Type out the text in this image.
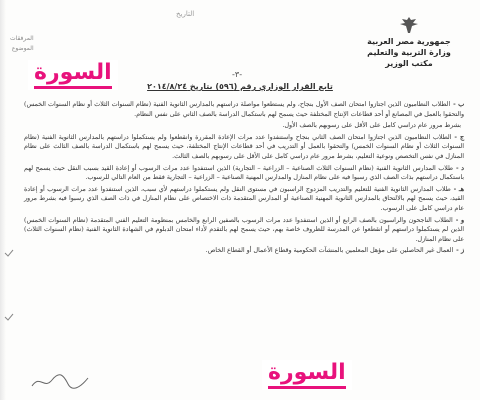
جمهورية مصر العربية
وزارة التربية والتعليم
مكتب الوزير
التاريخ
المرفقات
الموضوع
السورة	-٣-
تابع القرار الوزاري رقم (٥٩٦) بتاريخ ٢٠١٤/٨/٢٤
ب -الطلاب النظاميون الذين اجتازوا امتحان الصف الأول بنجاح، ولم يستطعوا مواصلة دراستهم بالمدارس الثانوية الفنية (نظام السنوات الثلاث أو نظام السنوات الخمس) والتحقوا بالعمل في المصانع أو أحد قطاعات الإنتاج المختلفة حيث يسمح لهم باستكمال الدراسة بالصف الثاني على نفس النظام.
بشرط مرور عام دراسي كامل على الأقل على رسوبهم بالصف الأول.
ج -الطلاب النظاميون الذين اجتازوا امتحان الصف الثاني بنجاح واستنفدوا عدد مرات الإعادة المقررة وانقطعوا ولم يستكملوا دراستهم بالمدارس الثانوية الفنية (نظام السنوات الثلاث أو نظام السنوات الخمس) والتحقوا بالعمل أو التدريب في أحد قطاعات الإنتاج المختلفة، حيث يسمح لهم باستكمال الدراسة بالصف الثالث على نظام المنازل في نفس التخصص ونوعية التعليم، بشرط مرور عام دراسي كامل على الأقل على رسوبهم بالصف الثالث.
د -طلاب المدارس الثانوية الفنية (نظام السنوات الثلاث الصناعية – الزراعية – التجارية) الذين استنفدوا عدد مرات الرسوب أو إعادة القيد بسبب النقل حيث يسمح لهم باستكمال دراستهم بذات الصف الذي رسبوا فيه على نظام المنازل والمدارس المهنية الصناعية – الزراعية – التجارية فقط من العام التالي للرسوب.
هـ -طلاب المدارس الثانوية الفنية للتعليم والتدريب المزدوج الراسبون في مستوى النقل ولم يستكملوا دراستهم لأي سبب، الذين استنفدوا عدد مرات الرسوب أو إعادة القيد، حيث يسمح لهم بالالتحاق بالمدارس الثانوية المهنية الصناعية أو المدارس المتقدمة ذات الاختصاص على نظام المنازل في ذات الصف الذي رسبوا فيه بشرط مرور عام دراسي كامل على الرسوب.
و -الطلاب الناجحون والراسبون بالصف الرابع أو الذين استنفدوا عدد مرات الرسوب بالصفين الرابع والخامس بمنظومة التعليم الفني المتقدمة (نظام السنوات الخمس) الذين لم يستكملوا دراستهم أو انقطعوا عن المدرسة للظروف خاصة بهم، حيث يسمح لهم بالتقدم لأداء امتحان الدبلوم في الشهادة الثانوية الفنية (نظام السنوات الثلاث) على نظام المنازل.
ز -العمال غير الحاصلين على مؤهل المعلمين بالمنشآت الحكومية وقطاع الأعمال أو القطاع الخاص.
السورة
